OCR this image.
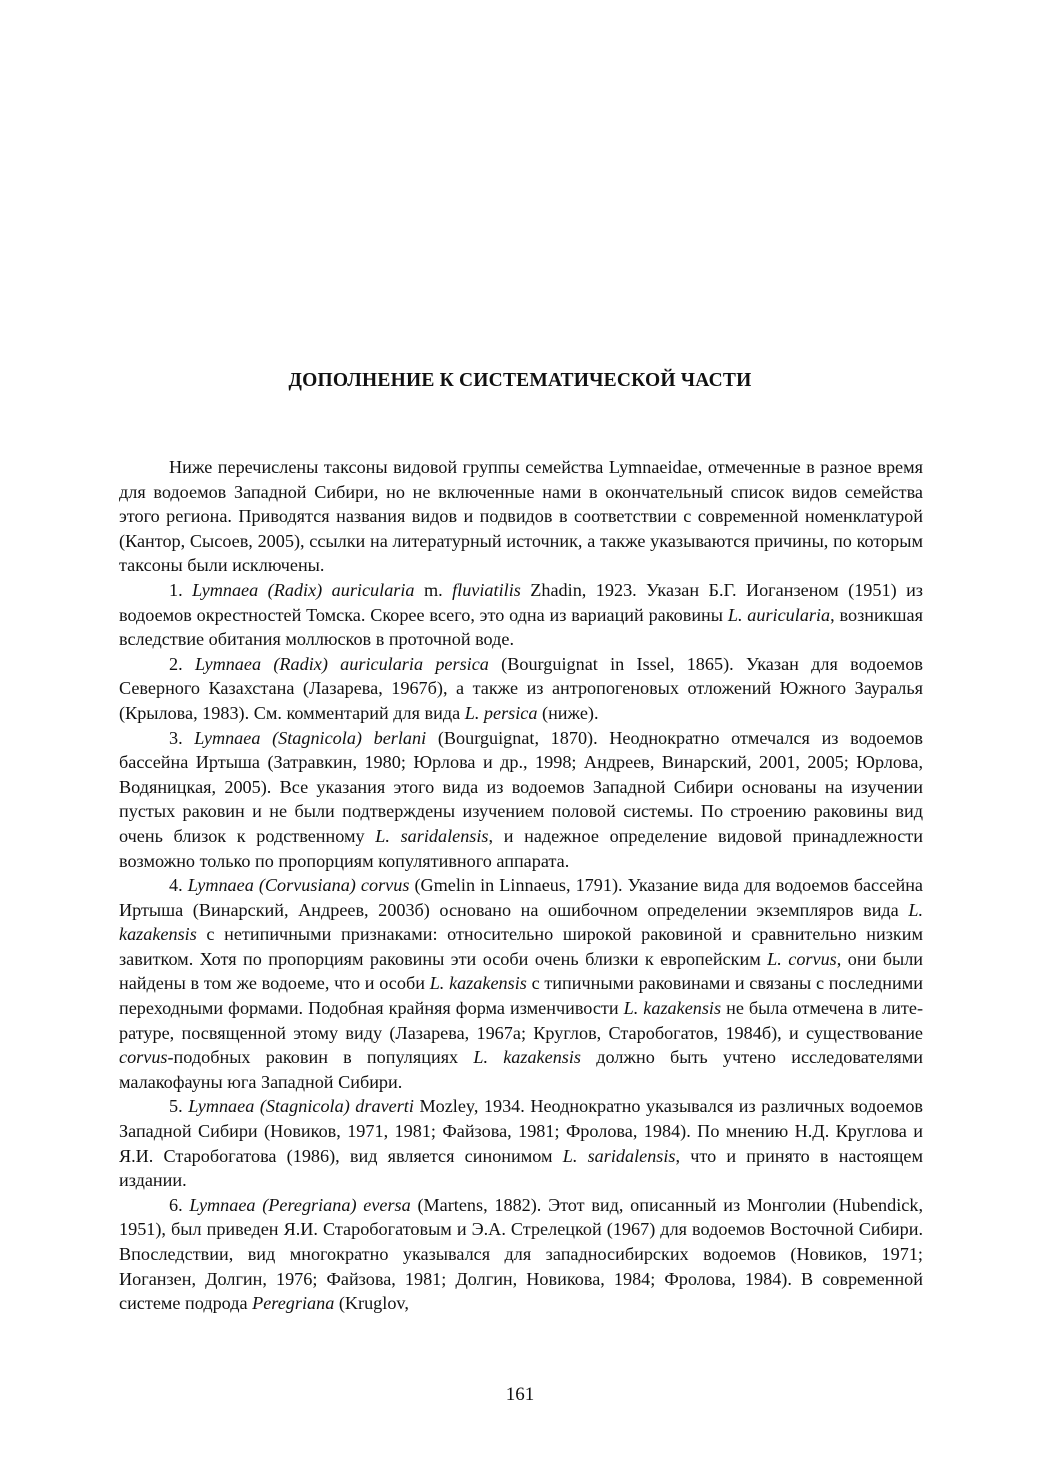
ДОПОЛНЕНИЕ К СИСТЕМАТИЧЕСКОЙ ЧАСТИ

Ниже перечислены таксоны видовой группы семейства Lymnaeidae, отмеченные в разное время для водоемов Западной Сибири, но не включенные нами в окончательный список видов семейства этого региона. Приводятся названия видов и подвидов в соответствии с современной номенклатурой (Кантор, Сысоев, 2005), ссылки на литературный источник, а также указываются причины, по которым таксоны были исключены.

1. Lymnaea (Radix) auricularia m. fluviatilis Zhadin, 1923. Указан Б.Г. Иоганзеном (1951) из водоемов окрестностей Томска. Скорее всего, это одна из вариаций раковины L. auricularia, возникшая вследствие обитания моллюсков в проточной воде.

2. Lymnaea (Radix) auricularia persica (Bourguignat in Issel, 1865). Указан для водоемов Северного Казахстана (Лазарева, 1967б), а также из антропогеновых отложений Южного Зауралья (Крылова, 1983). См. комментарий для вида L. persica (ниже).

3. Lymnaea (Stagnicola) berlani (Bourguignat, 1870). Неоднократно отмечался из водоемов бассейна Иртыша (Затравкин, 1980; Юрлова и др., 1998; Андреев, Винарский, 2001, 2005; Юрлова, Водяницкая, 2005). Все указания этого вида из водоемов Западной Сибири основаны на изучении пустых раковин и не были подтверждены изучением половой системы. По строению раковины вид очень близок к родственному L. saridalensis, и надежное определение видовой принадлежности возможно только по пропорциям копулятивного аппарата.

4. Lymnaea (Corvusiana) corvus (Gmelin in Linnaeus, 1791). Указание вида для водоемов бассейна Иртыша (Винарский, Андреев, 2003б) основано на ошибочном определении экземпляров вида L. kazakensis с нетипичными признаками: относительно широкой раковиной и сравнительно низким завитком. Хотя по пропорциям раковины эти особи очень близки к европейским L. corvus, они были найдены в том же водоеме, что и особи L. kazakensis с типичными раковинами и связаны с последними переходными формами. Подобная крайняя форма изменчивости L. kazakensis не была отмечена в литературе, посвященной этому виду (Лазарева, 1967а; Круглов, Старобогатов, 1984б), и существование corvus-подобных раковин в популяциях L. kazakensis должно быть учтено исследователями малакофауны юга Западной Сибири.

5. Lymnaea (Stagnicola) draverti Mozley, 1934. Неоднократно указывался из различных водоемов Западной Сибири (Новиков, 1971, 1981; Файзова, 1981; Фролова, 1984). По мнению Н.Д. Круглова и Я.И. Старобогатова (1986), вид является синонимом L. saridalensis, что и принято в настоящем издании.

6. Lymnaea (Peregriana) eversa (Martens, 1882). Этот вид, описанный из Монголии (Hubendick, 1951), был приведен Я.И. Старобогатовым и Э.А. Стрелецкой (1967) для водоемов Восточной Сибири. Впоследствии, вид многократно указывался для западносибирских водоемов (Новиков, 1971; Иоганзен, Долгин, 1976; Файзова, 1981; Долгин, Новикова, 1984; Фролова, 1984). В современной системе подрода Peregriana (Kruglov,

161
